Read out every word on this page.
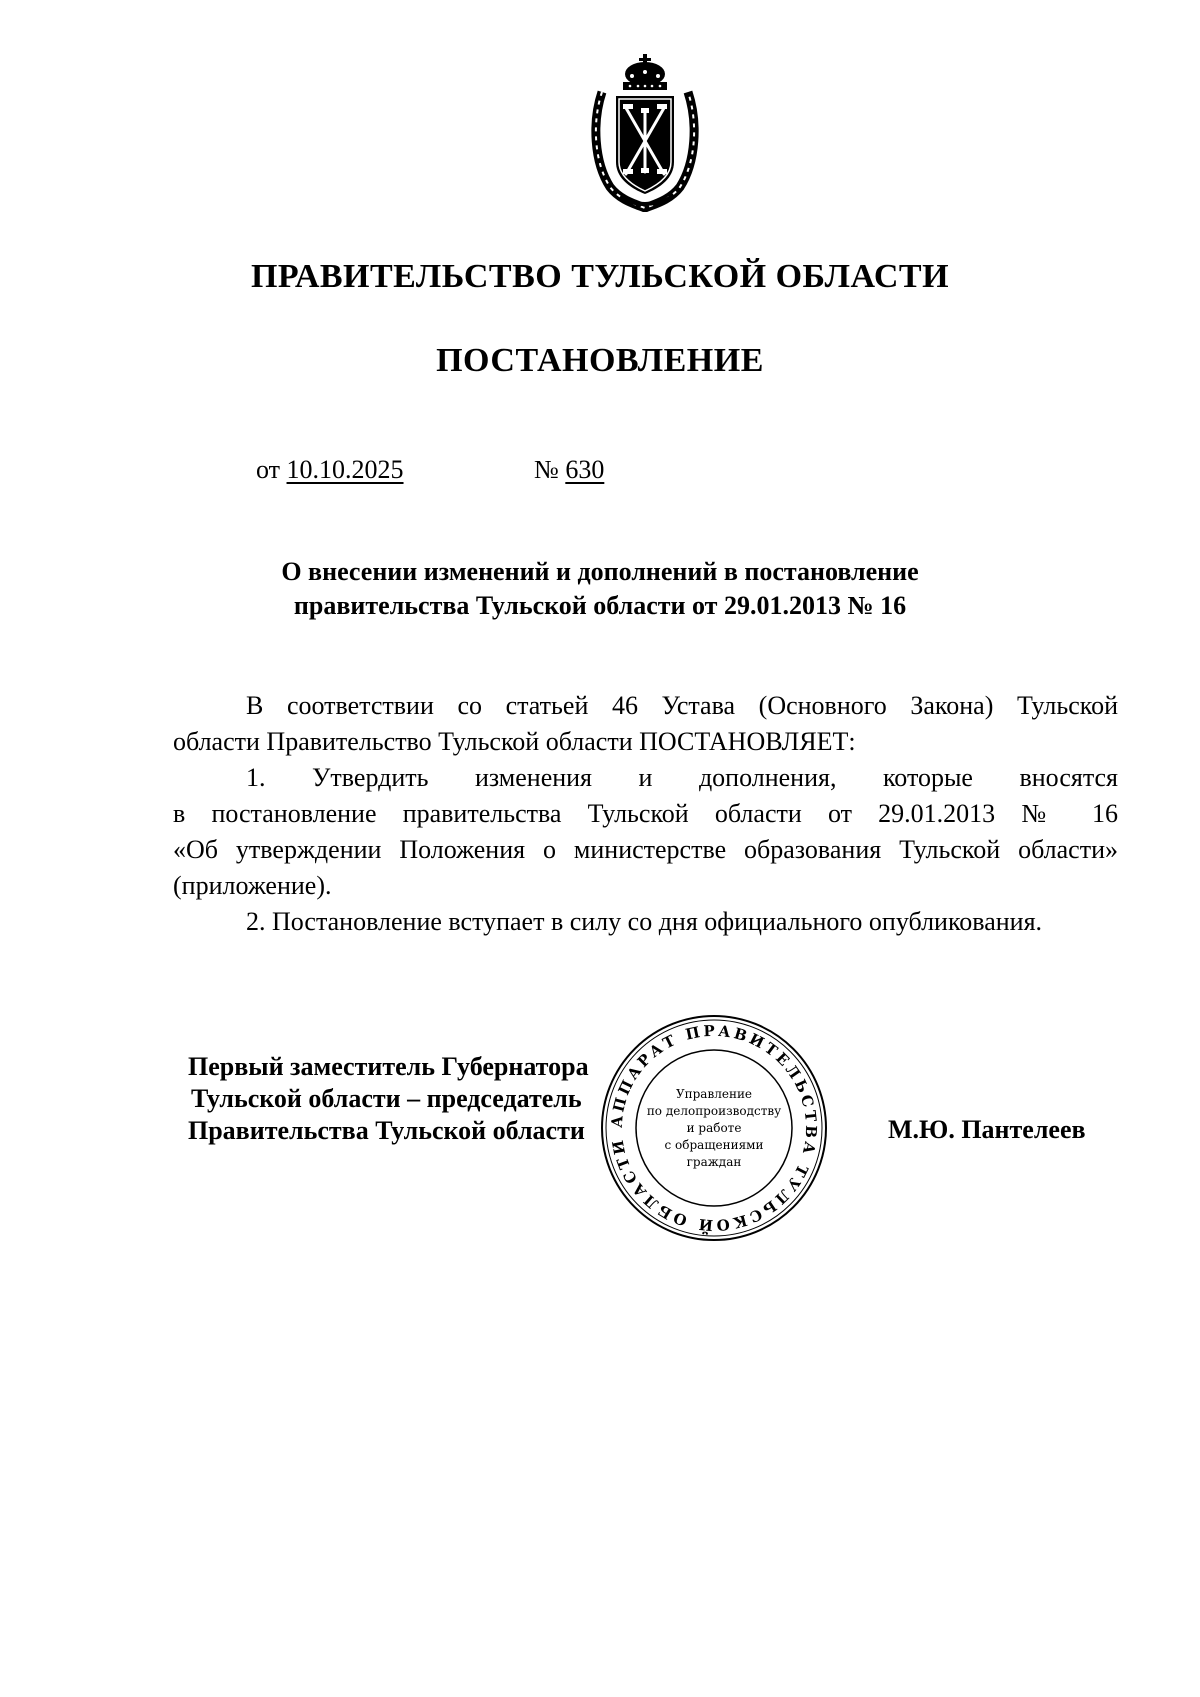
ПРАВИТЕЛЬСТВО ТУЛЬСКОЙ ОБЛАСТИ
ПОСТАНОВЛЕНИЕ
от 10.10.2025	№ 630
О внесении изменений и дополнений в постановление
правительства Тульской области от 29.01.2013 № 16

В соответствии со статьей 46 Устава (Основного Закона) Тульской

области Правительство Тульской области ПОСТАНОВЛЯЕТ:

1. Утвердить изменения и дополнения, которые вносятся

в постановление правительства Тульской области от 29.01.2013 № 16

«Об утверждении Положения о министерстве образования Тульской области»

(приложение).

2. Постановление вступает в силу со дня официального опубликования.

Первый заместитель Губернатора
Тульской области – председатель
Правительства Тульской области	М.Ю. Пантелеев
АППАРАТ ПРАВИТЕЛЬСТВА ТУЛЬСКОЙ ОБЛАСТИ
Управление
по делопроизводству
и работе
с обращениями
граждан
